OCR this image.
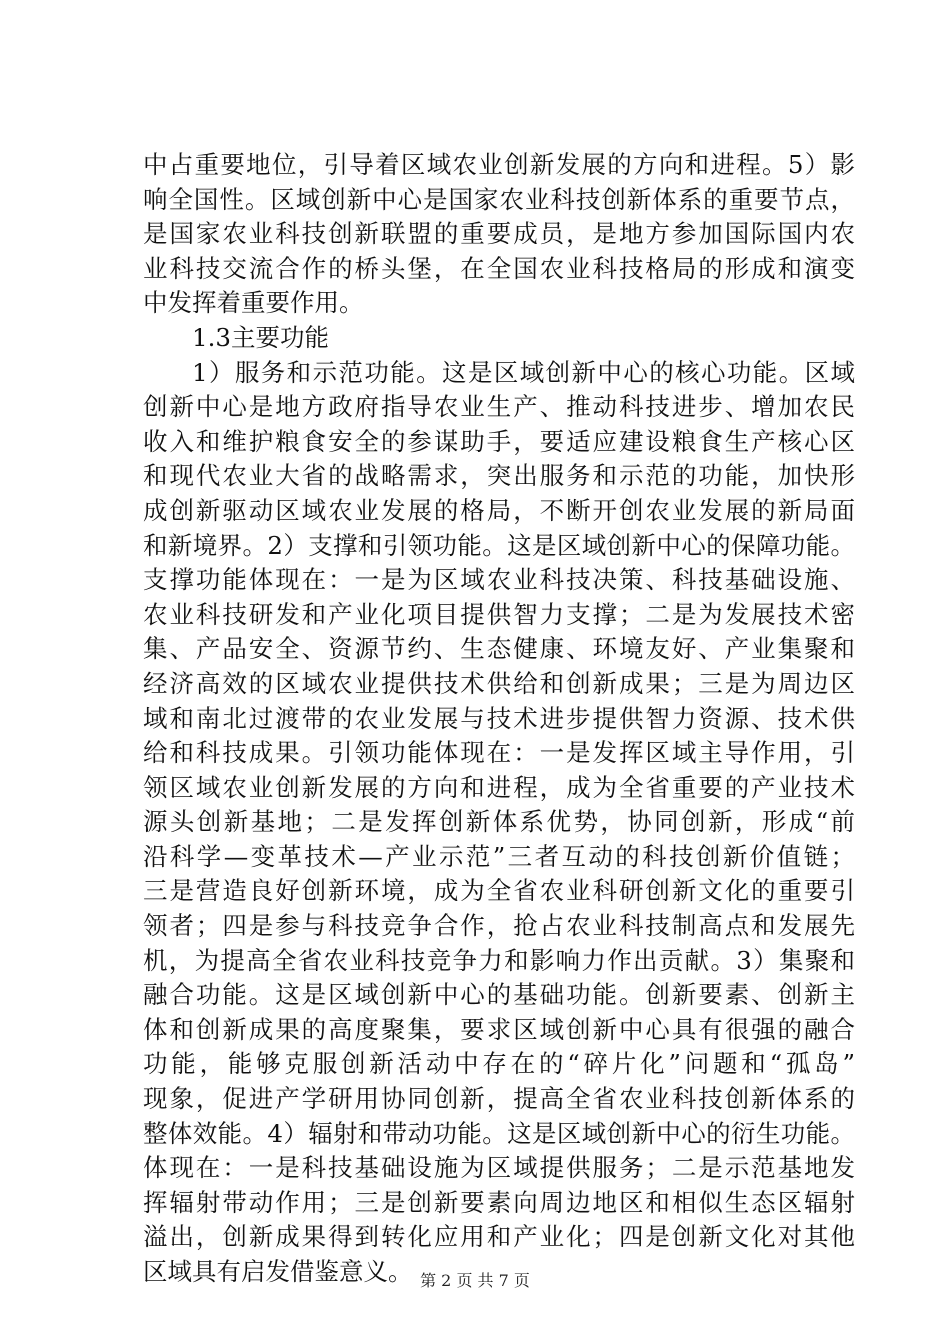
中占重要地位，引导着区域农业创新发展的方向和进程。5）影
响全国性。区域创新中心是国家农业科技创新体系的重要节点，
是国家农业科技创新联盟的重要成员，是地方参加国际国内农
业科技交流合作的桥头堡，在全国农业科技格局的形成和演变
中发挥着重要作用。
1.3主要功能
1）服务和示范功能。这是区域创新中心的核心功能。区域
创新中心是地方政府指导农业生产、推动科技进步、增加农民
收入和维护粮食安全的参谋助手，要适应建设粮食生产核心区
和现代农业大省的战略需求，突出服务和示范的功能，加快形
成创新驱动区域农业发展的格局，不断开创农业发展的新局面
和新境界。2）支撑和引领功能。这是区域创新中心的保障功能。
支撑功能体现在：一是为区域农业科技决策、科技基础设施、
农业科技研发和产业化项目提供智力支撑；二是为发展技术密
集、产品安全、资源节约、生态健康、环境友好、产业集聚和
经济高效的区域农业提供技术供给和创新成果；三是为周边区
域和南北过渡带的农业发展与技术进步提供智力资源、技术供
给和科技成果。引领功能体现在：一是发挥区域主导作用，引
领区域农业创新发展的方向和进程，成为全省重要的产业技术
源头创新基地；二是发挥创新体系优势，协同创新，形成“前
沿科学—变革技术—产业示范”三者互动的科技创新价值链；
三是营造良好创新环境，成为全省农业科研创新文化的重要引
领者；四是参与科技竞争合作，抢占农业科技制高点和发展先
机，为提高全省农业科技竞争力和影响力作出贡献。3）集聚和
融合功能。这是区域创新中心的基础功能。创新要素、创新主
体和创新成果的高度聚集，要求区域创新中心具有很强的融合
功能，能够克服创新活动中存在的“碎片化”问题和“孤岛”
现象，促进产学研用协同创新，提高全省农业科技创新体系的
整体效能。4）辐射和带动功能。这是区域创新中心的衍生功能。
体现在：一是科技基础设施为区域提供服务；二是示范基地发
挥辐射带动作用；三是创新要素向周边地区和相似生态区辐射
溢出，创新成果得到转化应用和产业化；四是创新文化对其他
区域具有启发借鉴意义。 第 2 页 共 7 页
